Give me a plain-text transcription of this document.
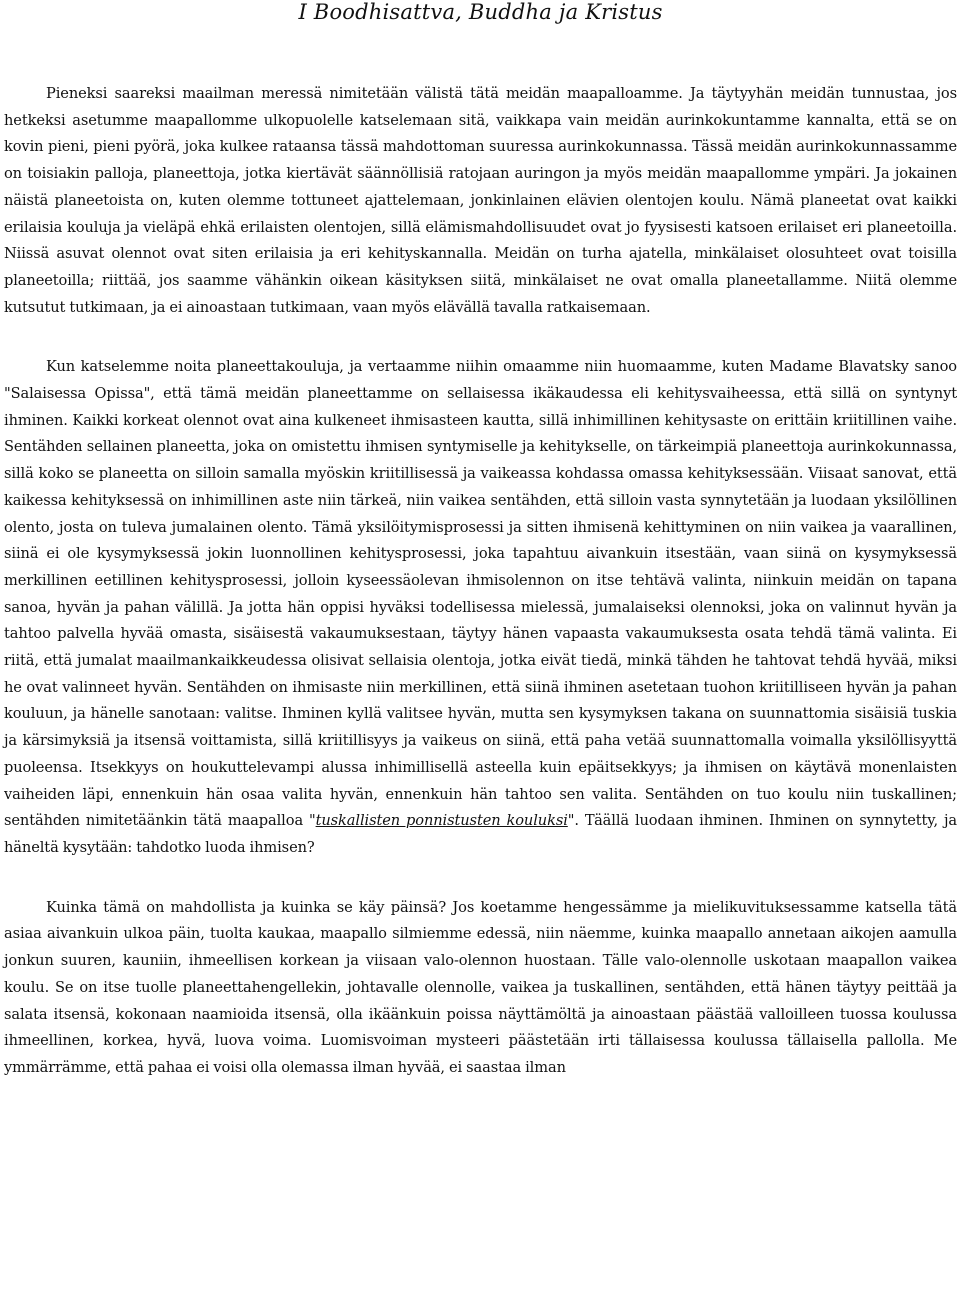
I Boodhisattva, Buddha ja Kristus

Pieneksi saareksi maailman meressä nimitetään välistä tätä meidän maapalloamme. Ja täytyyhän meidän tunnustaa, jos hetkeksi asetumme maapallomme ulkopuolelle katselemaan sitä, vaikkapa vain meidän aurinkokuntamme kannalta, että se on kovin pieni, pieni pyörä, joka kulkee rataansa tässä mahdottoman suuressa aurinkokunnassa. Tässä meidän aurinkokunnassamme on toisiakin palloja, planeettoja, jotka kiertävät säännöllisiä ratojaan auringon ja myös meidän maapallomme ympäri. Ja jokainen näistä planeetoista on, kuten olemme tottuneet ajattelemaan, jonkinlainen elävien olentojen koulu. Nämä planeetat ovat kaikki erilaisia kouluja ja vieläpä ehkä erilaisten olentojen, sillä elämismahdollisuudet ovat jo fyysisesti katsoen erilaiset eri planeetoilla. Niissä asuvat olennot ovat siten erilaisia ja eri kehityskannalla. Meidän on turha ajatella, minkälaiset olosuhteet ovat toisilla planeetoilla; riittää, jos saamme vähänkin oikean käsityksen siitä, minkälaiset ne ovat omalla planeetallamme. Niitä olemme kutsutut tutkimaan, ja ei ainoastaan tutkimaan, vaan myös elävällä tavalla ratkaisemaan.

Kun katselemme noita planeettakouluja, ja vertaamme niihin omaamme niin huomaamme, kuten Madame Blavatsky sanoo "Salaisessa Opissa", että tämä meidän planeettamme on sellaisessa ikäkaudessa eli kehitysvaiheessa, että sillä on syntynyt ihminen. Kaikki korkeat olennot ovat aina kulkeneet ihmisasteen kautta, sillä inhimillinen kehitysaste on erittäin kriitillinen vaihe. Sentähden sellainen planeetta, joka on omistettu ihmisen syntymiselle ja kehitykselle, on tärkeimpiä planeettoja aurinkokunnassa, sillä koko se planeetta on silloin samalla myöskin kriitillisessä ja vaikeassa kohdassa omassa kehityksessään. Viisaat sanovat, että kaikessa kehityksessä on inhimillinen aste niin tärkeä, niin vaikea sentähden, että silloin vasta synnytetään ja luodaan yksilöllinen olento, josta on tuleva jumalainen olento. Tämä yksilöitymisprosessi ja sitten ihmisenä kehittyminen on niin vaikea ja vaarallinen, siinä ei ole kysymyksessä jokin luonnollinen kehitysprosessi, joka tapahtuu aivankuin itsestään, vaan siinä on kysymyksessä merkillinen eetillinen kehitysprosessi, jolloin kyseessäolevan ihmisolennon on itse tehtävä valinta, niinkuin meidän on tapana sanoa, hyvän ja pahan välillä. Ja jotta hän oppisi hyväksi todellisessa mielessä, jumalaiseksi olennoksi, joka on valinnut hyvän ja tahtoo palvella hyvää omasta, sisäisestä vakaumuksestaan, täytyy hänen vapaasta vakaumuksesta osata tehdä tämä valinta. Ei riitä, että jumalat maailmankaikkeudessa olisivat sellaisia olentoja, jotka eivät tiedä, minkä tähden he tahtovat tehdä hyvää, miksi he ovat valinneet hyvän. Sentähden on ihmisaste niin merkillinen, että siinä ihminen asetetaan tuohon kriitilliseen hyvän ja pahan kouluun, ja hänelle sanotaan: valitse. Ihminen kyllä valitsee hyvän, mutta sen kysymyksen takana on suunnattomia sisäisiä tuskia ja kärsimyksiä ja itsensä voittamista, sillä kriitillisyys ja vaikeus on siinä, että paha vetää suunnattomalla voimalla yksilöllisyyttä puoleensa. Itsekkyys on houkuttelevampi alussa inhimillisellä asteella kuin epäitsekkyys; ja ihmisen on käytävä monenlaisten vaiheiden läpi, ennenkuin hän osaa valita hyvän, ennenkuin hän tahtoo sen valita. Sentähden on tuo koulu niin tuskallinen; sentähden nimitetäänkin tätä maapalloa "tuskallisten ponnistusten kouluksi". Täällä luodaan ihminen. Ihminen on synnytetty, ja häneltä kysytään: tahdotko luoda ihmisen?

Kuinka tämä on mahdollista ja kuinka se käy päinsä? Jos koetamme hengessämme ja mielikuvituksessamme katsella tätä asiaa aivankuin ulkoa päin, tuolta kaukaa, maapallo silmiemme edessä, niin näemme, kuinka maapallo annetaan aikojen aamulla jonkun suuren, kauniin, ihmeellisen korkean ja viisaan valo-olennon huostaan. Tälle valo-olennolle uskotaan maapallon vaikea koulu. Se on itse tuolle planeettahengellekin, johtavalle olennolle, vaikea ja tuskallinen, sentähden, että hänen täytyy peittää ja salata itsensä, kokonaan naamioida itsensä, olla ikäänkuin poissa näyttämöltä ja ainoastaan päästää valloilleen tuossa koulussa ihmeellinen, korkea, hyvä, luova voima. Luomisvoiman mysteeri päästetään irti tällaisessa koulussa tällaisella pallolla. Me ymmärrämme, että pahaa ei voisi olla olemassa ilman hyvää, ei saastaa ilman
